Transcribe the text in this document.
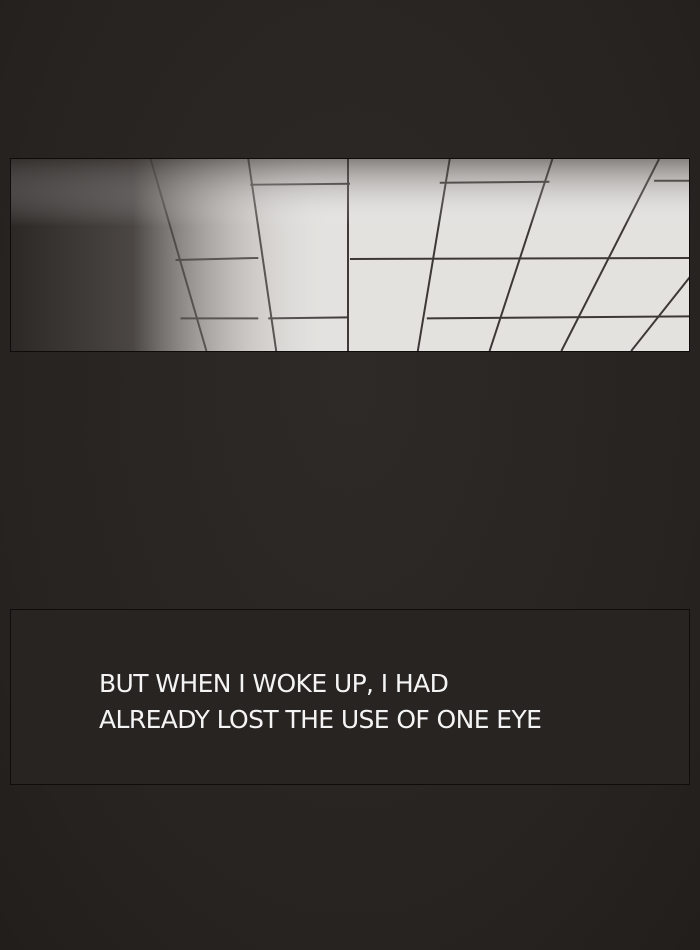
BUT WHEN I WOKE UP, I HAD
ALREADY LOST THE USE OF ONE EYE
